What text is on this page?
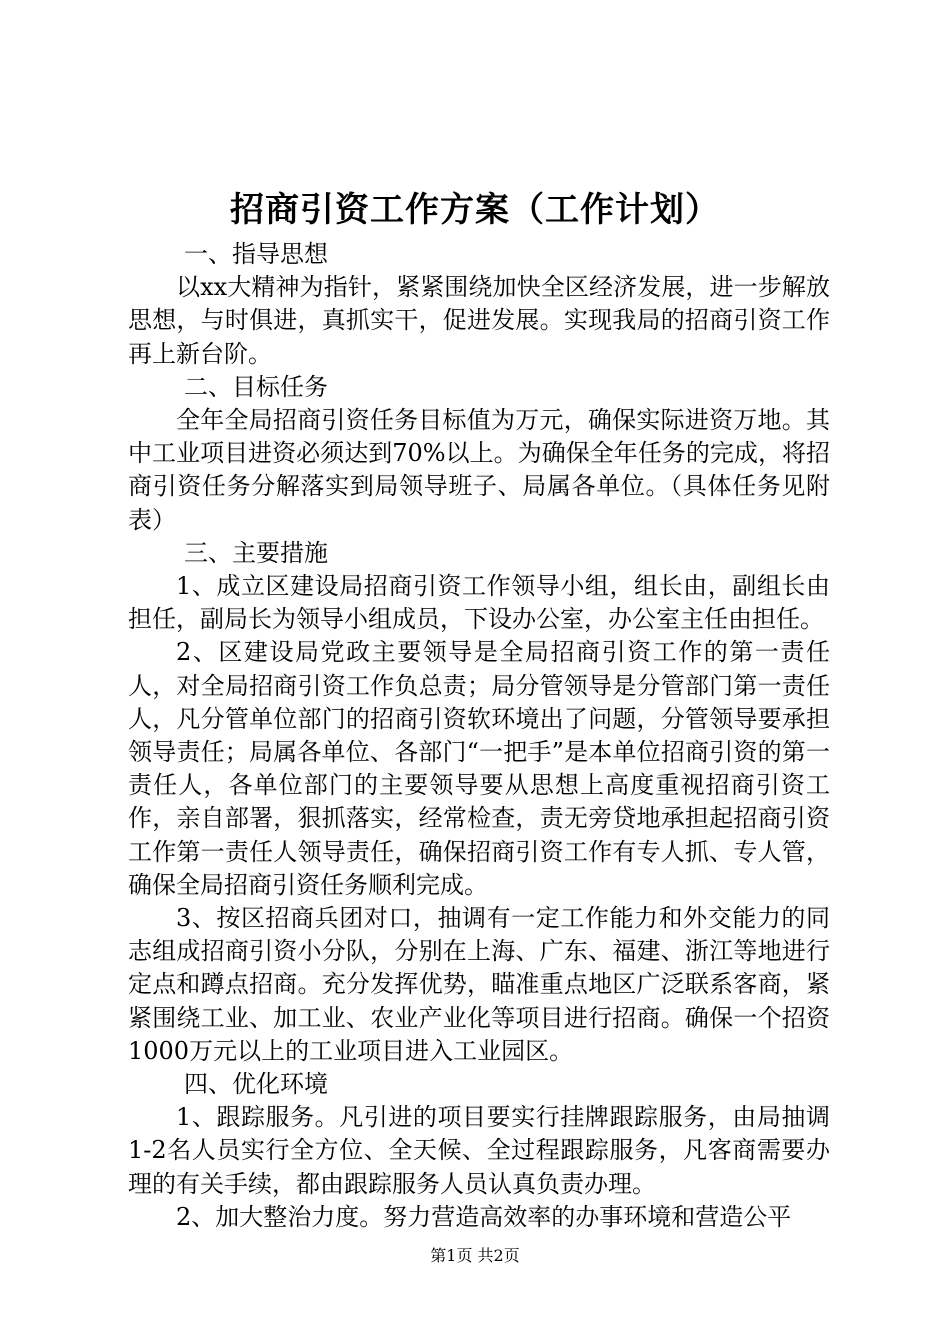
招商引资工作方案（工作计划）

一、指导思想

以xx大精神为指针，紧紧围绕加快全区经济发展，进一步解放思想，与时俱进，真抓实干，促进发展。实现我局的招商引资工作再上新台阶。

二、目标任务

全年全局招商引资任务目标值为万元，确保实际进资万地。其中工业项目进资必须达到70%以上。为确保全年任务的完成，将招商引资任务分解落实到局领导班子、局属各单位。（具体任务见附表）

三、主要措施

1、成立区建设局招商引资工作领导小组，组长由，副组长由担任，副局长为领导小组成员，下设办公室，办公室主任由担任。

2、区建设局党政主要领导是全局招商引资工作的第一责任人，对全局招商引资工作负总责；局分管领导是分管部门第一责任人，凡分管单位部门的招商引资软环境出了问题，分管领导要承担领导责任；局属各单位、各部门“一把手”是本单位招商引资的第一责任人，各单位部门的主要领导要从思想上高度重视招商引资工作，亲自部署，狠抓落实，经常检查，责无旁贷地承担起招商引资工作第一责任人领导责任，确保招商引资工作有专人抓、专人管，确保全局招商引资任务顺利完成。

3、按区招商兵团对口，抽调有一定工作能力和外交能力的同志组成招商引资小分队，分别在上海、广东、福建、浙江等地进行定点和蹲点招商。充分发挥优势，瞄准重点地区广泛联系客商，紧紧围绕工业、加工业、农业产业化等项目进行招商。确保一个招资1000万元以上的工业项目进入工业园区。

四、优化环境

1、跟踪服务。凡引进的项目要实行挂牌跟踪服务，由局抽调1-2名人员实行全方位、全天候、全过程跟踪服务，凡客商需要办理的有关手续，都由跟踪服务人员认真负责办理。

2、加大整治力度。努力营造高效率的办事环境和营造公平

第1页 共2页
